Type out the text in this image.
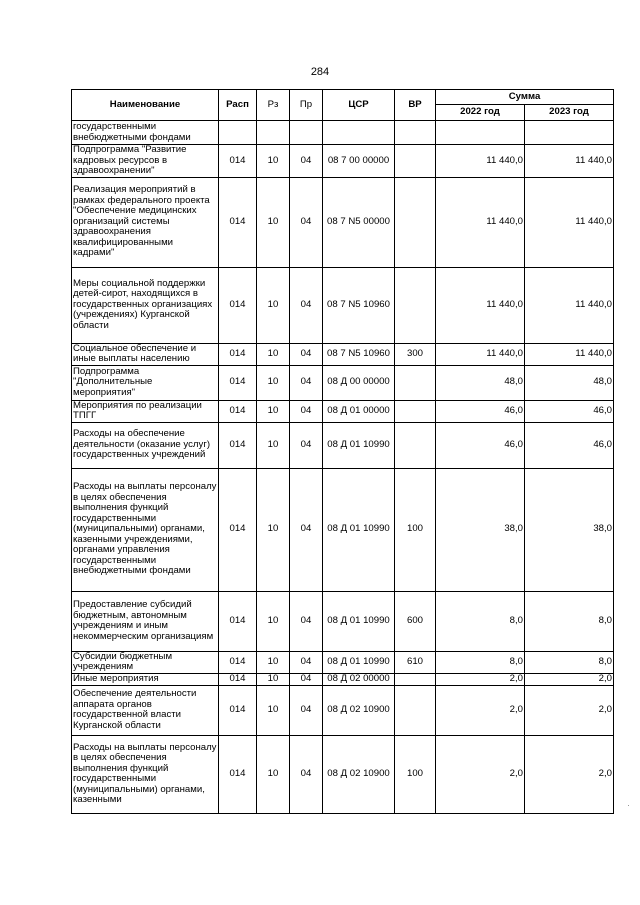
284
Наименование	Расп	Рз	Пр	ЦСР	ВР	Сумма	
						2022 год	2023 год
государственными внебюджетными фондами							
Подпрограмма "Развитие кадровых ресурсов в здравоохранении"	014	10	04	08 7 00 00000		11 440,0	11 440,0
Реализация мероприятий в рамках федерального проекта "Обеспечение медицинских организаций системы здравоохранения квалифицированными кадрами"	014	10	04	08 7 N5 00000		11 440,0	11 440,0
Меры социальной поддержки детей-сирот, находящихся в государственных организациях (учреждениях) Курганской области	014	10	04	08 7 N5 10960		11 440,0	11 440,0
Социальное обеспечение и иные выплаты населению	014	10	04	08 7 N5 10960	300	11 440,0	11 440,0
Подпрограмма "Дополнительные мероприятия"	014	10	04	08 Д 00 00000		48,0	48,0
Мероприятия по реализации ТПГГ	014	10	04	08 Д 01 00000		46,0	46,0
Расходы на обеспечение деятельности (оказание услуг) государственных учреждений	014	10	04	08 Д 01 10990		46,0	46,0
Расходы на выплаты персоналу в целях обеспечения выполнения функций государственными (муниципальными) органами, казенными учреждениями, органами управления государственными внебюджетными фондами	014	10	04	08 Д 01 10990	100	38,0	38,0
Предоставление субсидий бюджетным, автономным учреждениям и иным некоммерческим организациям	014	10	04	08 Д 01 10990	600	8,0	8,0
Субсидии бюджетным учреждениям	014	10	04	08 Д 01 10990	610	8,0	8,0
Иные мероприятия	014	10	04	08 Д 02 00000		2,0	2,0
Обеспечение деятельности аппарата органов государственной власти Курганской области	014	10	04	08 Д 02 10900		2,0	2,0
Расходы на выплаты персоналу в целях обеспечения выполнения функций государственными (муниципальными) органами, казенными	014	10	04	08 Д 02 10900	100	2,0	2,0
·
